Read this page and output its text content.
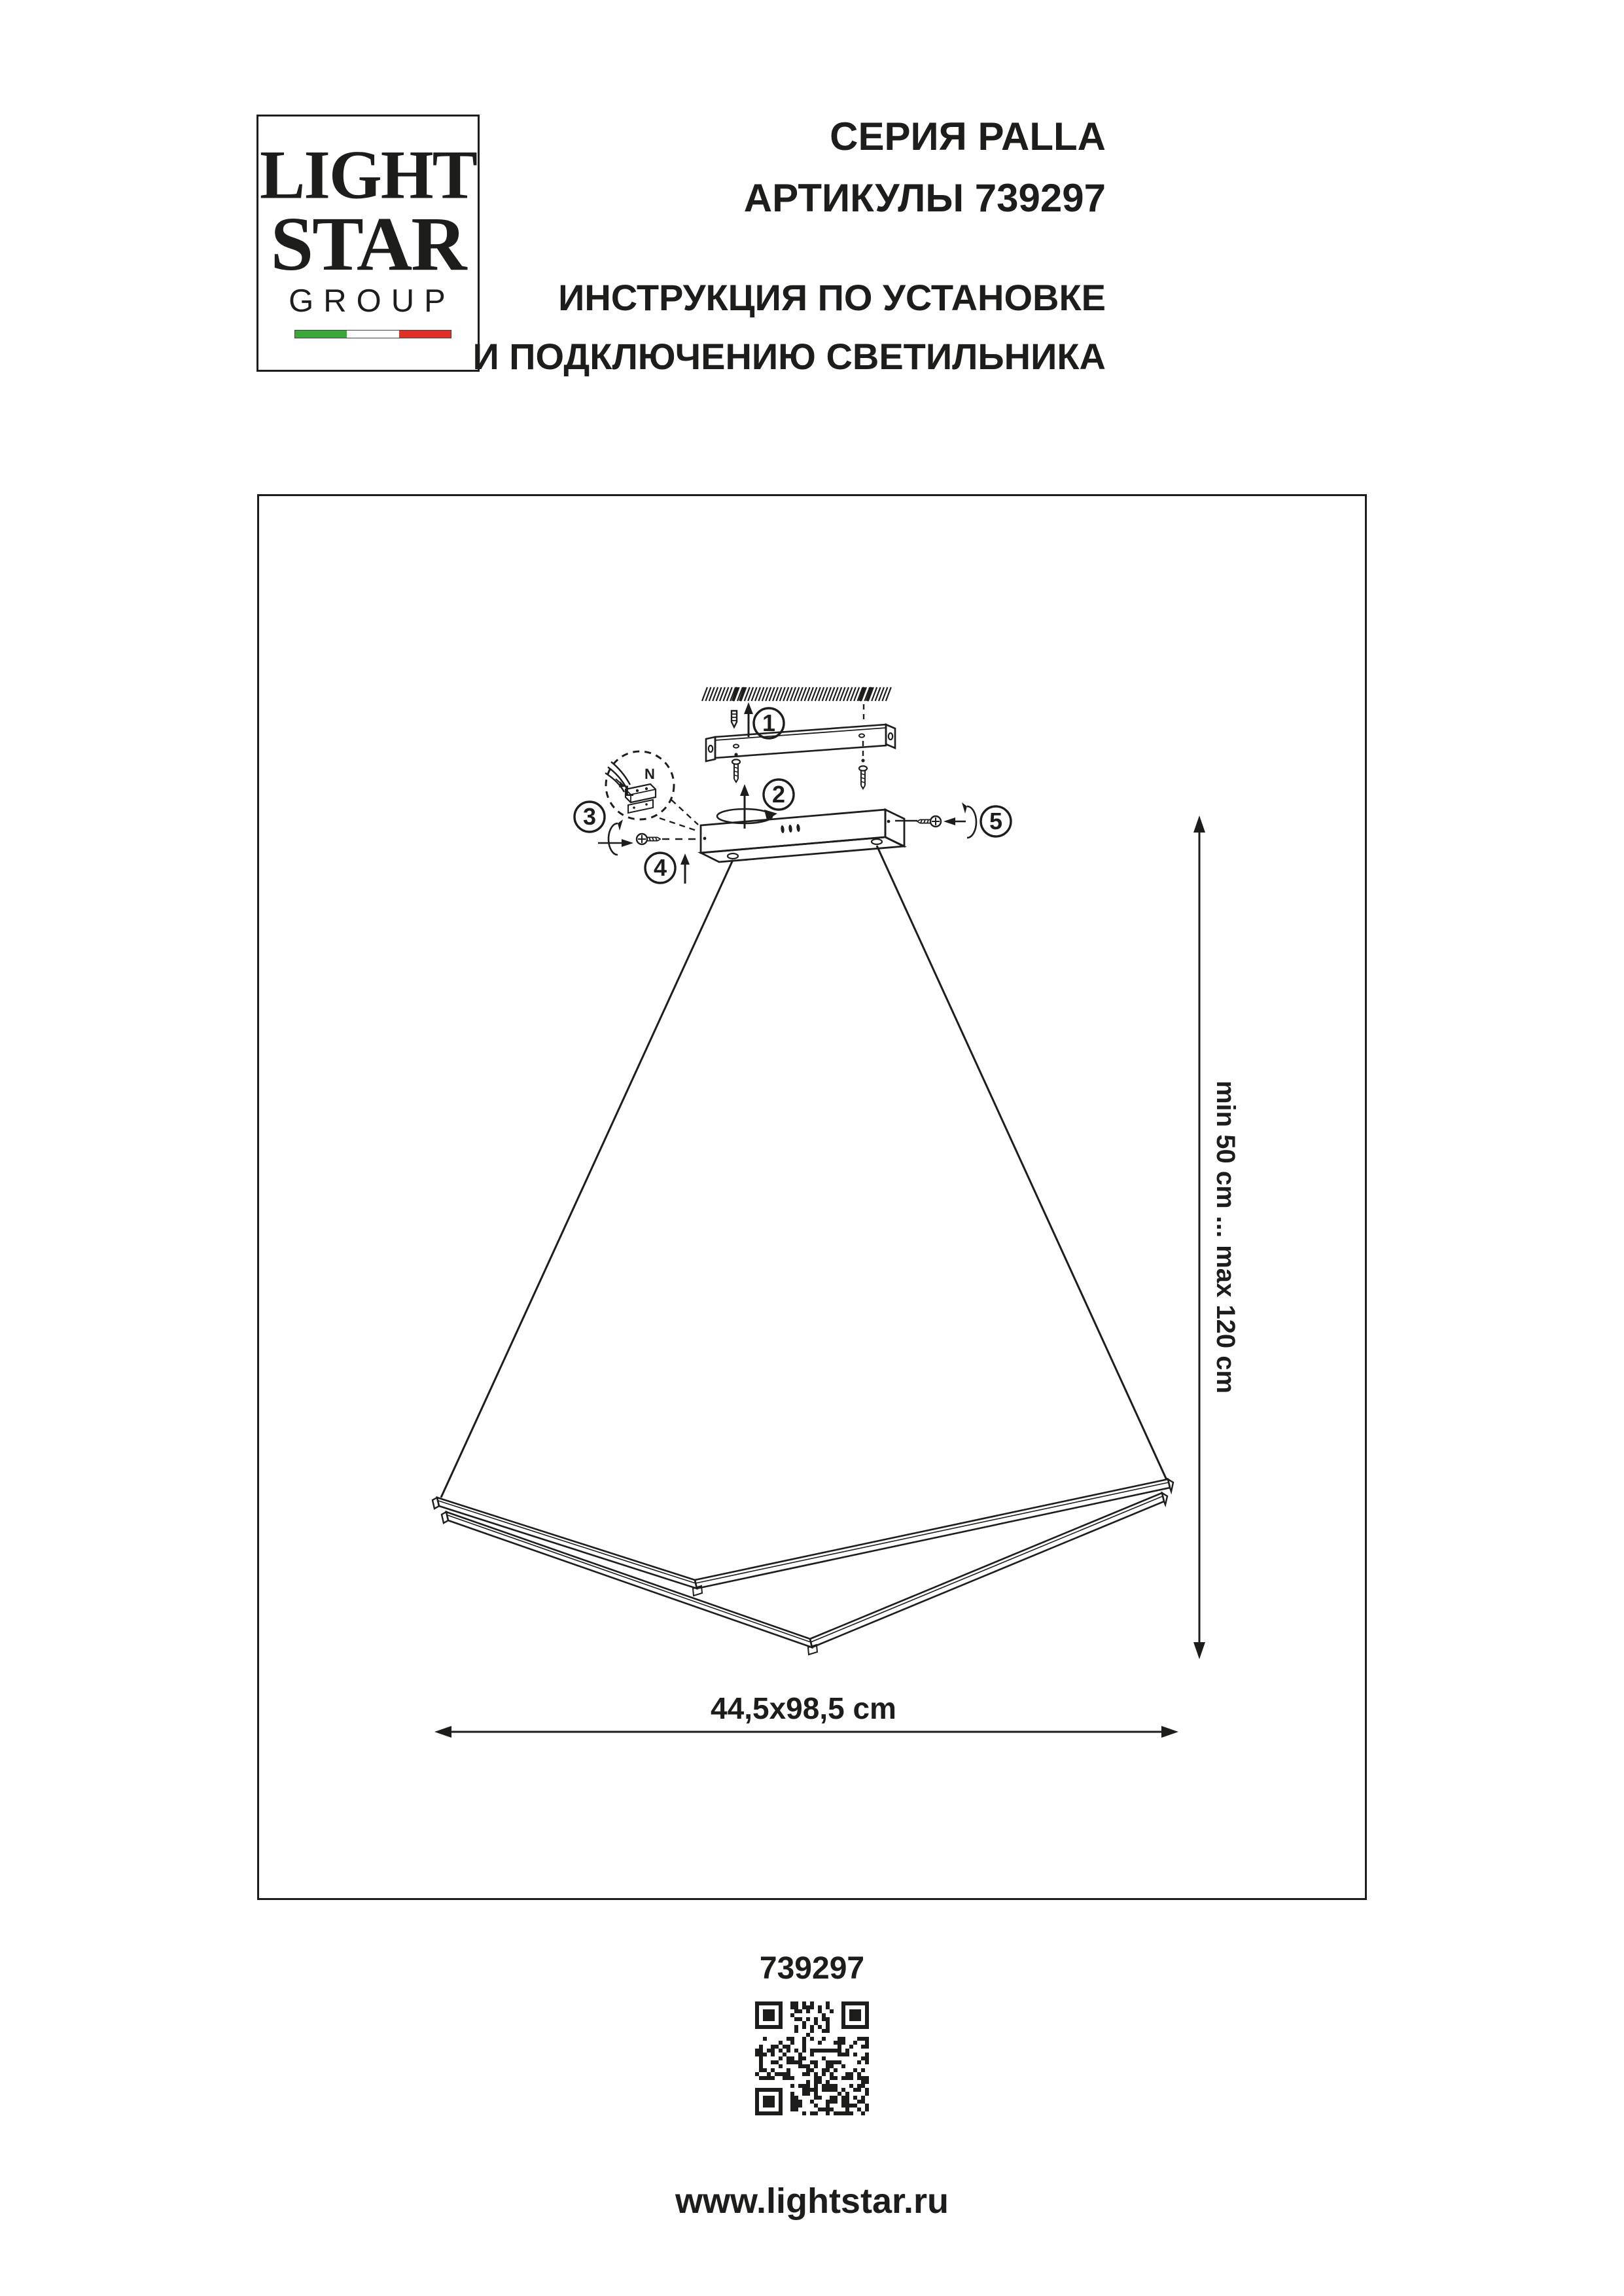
LIGHT
STAR
GROUP
СЕРИЯ PALLA
АРТИКУЛЫ 739297
ИНСТРУКЦИЯ ПО УСТАНОВКЕ
И ПОДКЛЮЧЕНИЮ СВЕТИЛЬНИКА
1
2
N
L
3
4
5
44,5x98,5 cm
min 50 cm ... max 120 cm
739297
www.lightstar.ru
